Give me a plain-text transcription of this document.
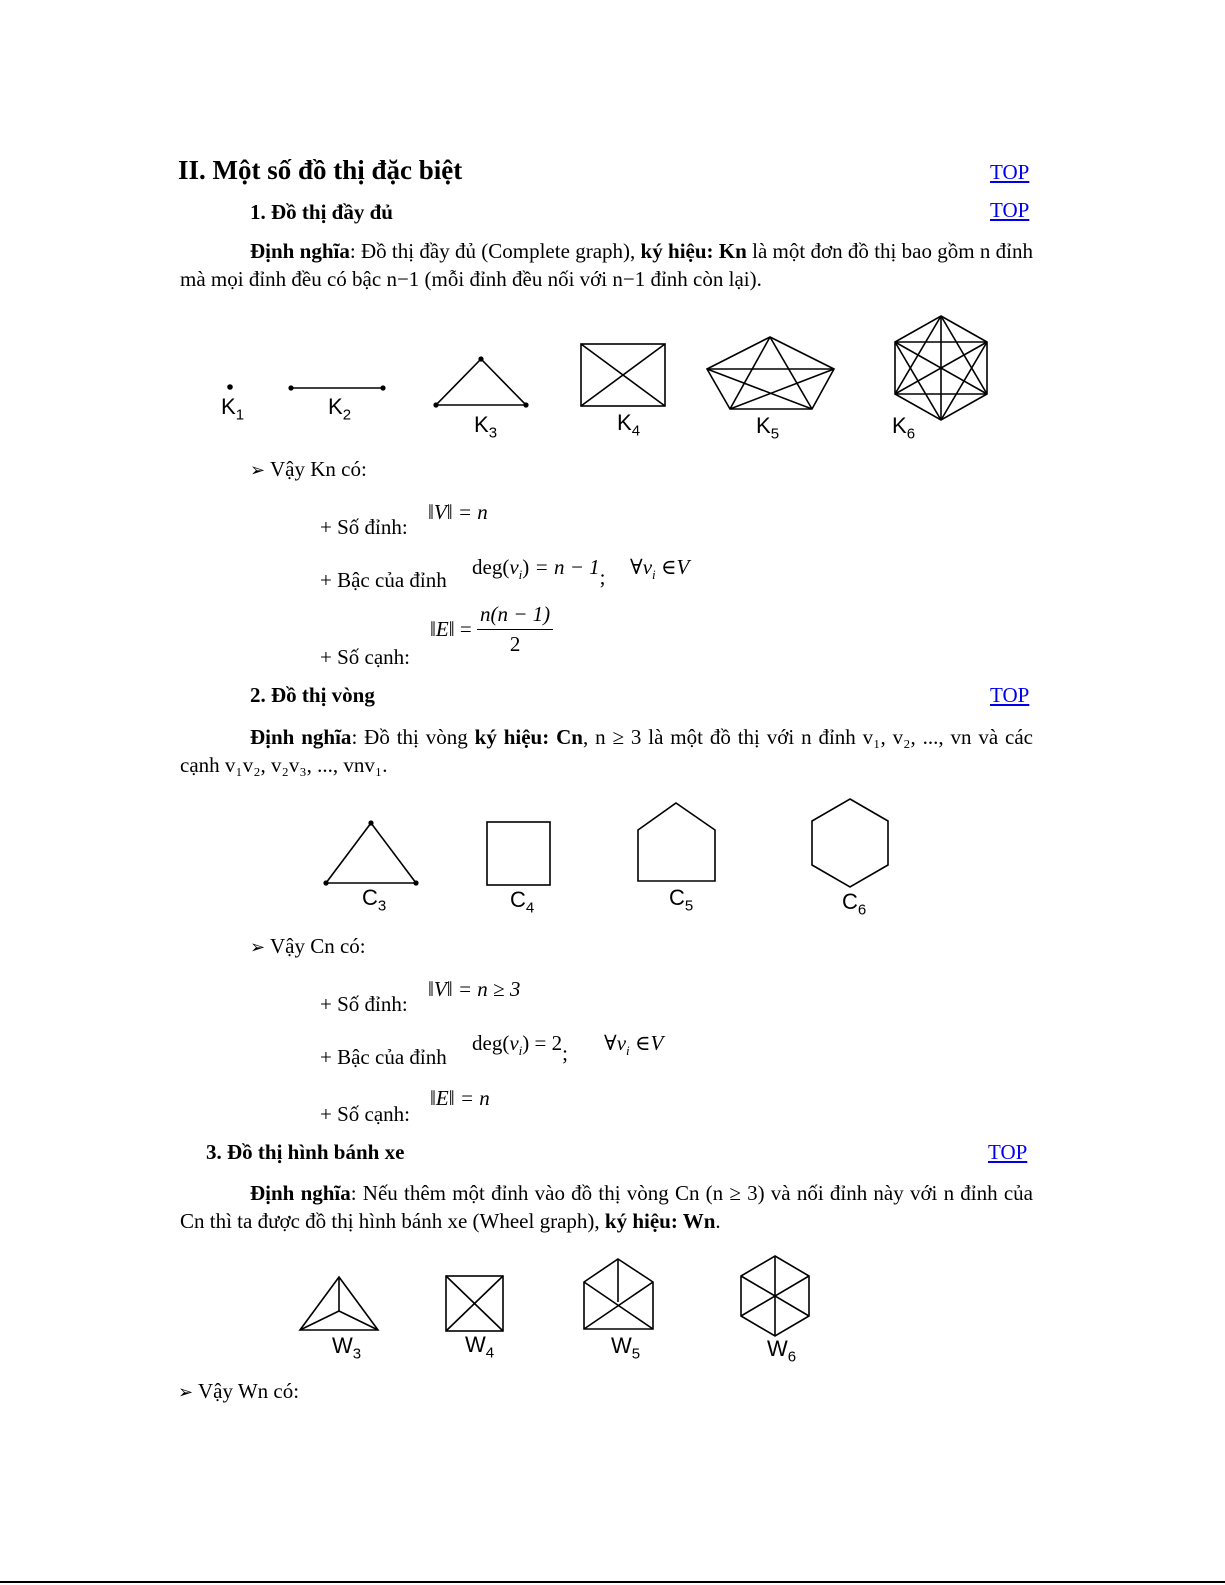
II. Một số đồ thị đặc biệt	TOP
1. Đồ thị đầy đủ	TOP
Định nghĩa: Đồ thị đầy đủ (Complete graph), ký hiệu: Kn là một đơn đồ thị bao gồm n đỉnh mà mọi đỉnh đều có bậc n−1 (mỗi đỉnh đều nối với n−1 đỉnh còn lại).
$K_1$	$K_2$	$K_3$	$K_4$	$K_5$	$K_6$
➢ Vậy Kn có:
+ Số đỉnh:
‖V‖ = n
+ Bậc của đỉnh
$deg(v_i) = n - 1$; $\forall v_i$ ∈V
+ Số cạnh:
‖E‖ = $\frac{n(n - 1)}{2}$
2. Đồ thị vòng	TOP
Định nghĩa: Đồ thị vòng ký hiệu: Cn, n ≥ 3 là một đồ thị với n đỉnh v₁, v₂, ..., vn và các cạnh v₁v₂, v₂v₃, ..., vnv₁.
$C_3$	$C_4$	$C_5$	$C_6$
➢ Vậy Cn có:
+ Số đỉnh:
‖V‖ = n ≥ 3
+ Bậc của đỉnh
$deg(v_i) = 2$; $\forall v_i$ ∈V
+ Số cạnh:
‖E‖ = n
3. Đồ thị hình bánh xe	TOP
Định nghĩa: Nếu thêm một đỉnh vào đồ thị vòng Cn (n ≥ 3) và nối đỉnh này với n đỉnh của Cn thì ta được đồ thị hình bánh xe (Wheel graph), ký hiệu: Wn.
$W_3$	$W_4$	$W_5$	$W_6$
➢ Vậy Wn có:
